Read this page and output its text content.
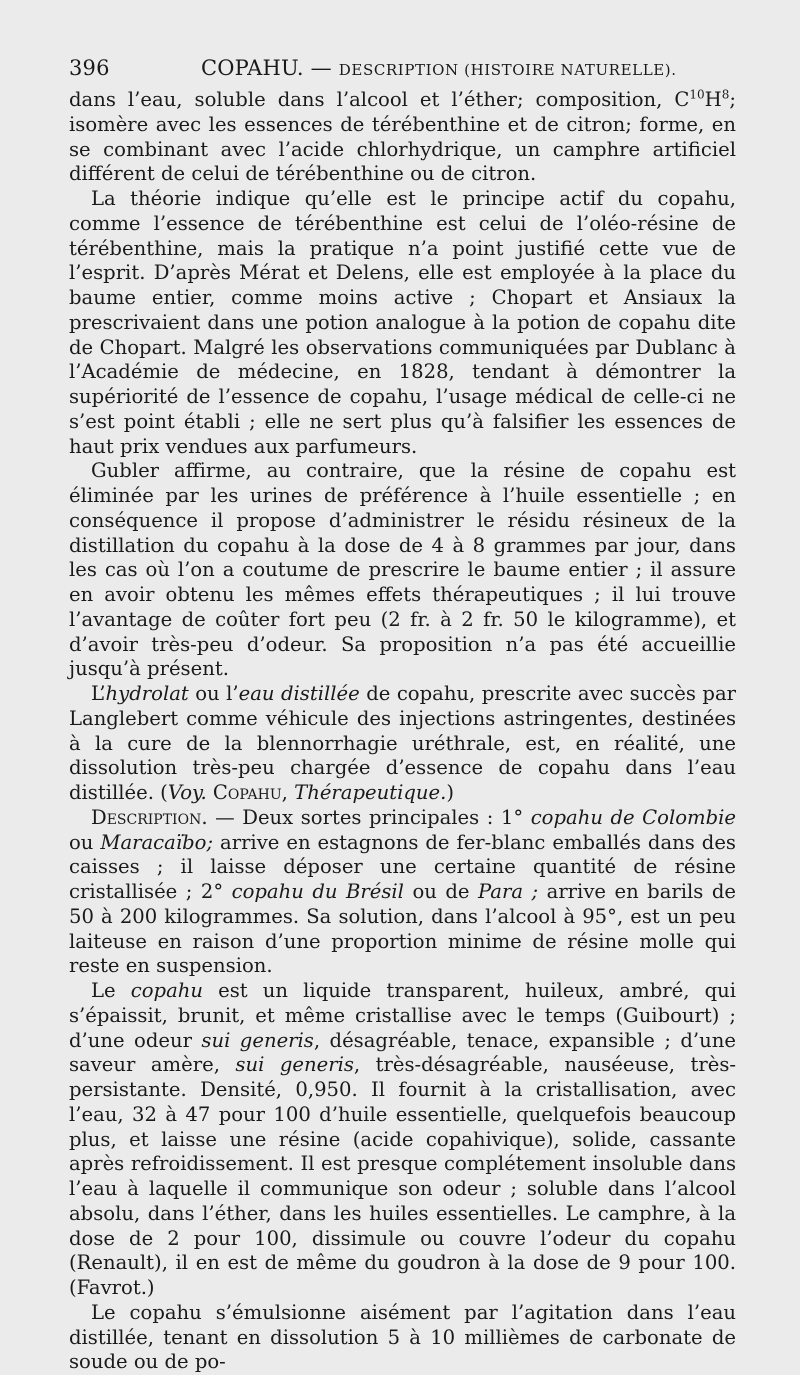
396	COPAHU. — DESCRIPTION (HISTOIRE NATURELLE).

dans l’eau, soluble dans l’alcool et l’éther; composition, $C^{10}H^8$; isomère avec les essences de térébenthine et de citron; forme, en se combinant avec l’acide chlorhydrique, un camphre artificiel différent de celui de térébenthine ou de citron.

La théorie indique qu’elle est le principe actif du copahu, comme l’essence de térébenthine est celui de l’oléo-résine de térébenthine, mais la pratique n’a point justifié cette vue de l’esprit. D’après Mérat et Delens, elle est employée à la place du baume entier, comme moins active ; Chopart et Ansiaux la prescrivaient dans une potion analogue à la potion de copahu dite de Chopart. Malgré les observations communiquées par Dublanc à l’Académie de médecine, en 1828, tendant à démontrer la supériorité de l’essence de copahu, l’usage médical de celle-ci ne s’est point établi ; elle ne sert plus qu’à falsifier les essences de haut prix vendues aux parfumeurs.

Gubler affirme, au contraire, que la résine de copahu est éliminée par les urines de préférence à l’huile essentielle ; en conséquence il propose d’administrer le résidu résineux de la distillation du copahu à la dose de 4 à 8 grammes par jour, dans les cas où l’on a coutume de prescrire le baume entier ; il assure en avoir obtenu les mêmes effets thérapeutiques ; il lui trouve l’avantage de coûter fort peu (2 fr. à 2 fr. 50 le kilogramme), et d’avoir très-peu d’odeur. Sa proposition n’a pas été accueillie jusqu’à présent.

L’hydrolat ou l’eau distillée de copahu, prescrite avec succès par Langlebert comme véhicule des injections astringentes, destinées à la cure de la blennorrhagie uréthrale, est, en réalité, une dissolution très-peu chargée d’essence de copahu dans l’eau distillée. (Voy. Copahu, Thérapeutique.)

Description. — Deux sortes principales : 1° copahu de Colombie ou Maracaïbo; arrive en estagnons de fer-blanc emballés dans des caisses ; il laisse déposer une certaine quantité de résine cristallisée ; 2° copahu du Brésil ou de Para ; arrive en barils de 50 à 200 kilogrammes. Sa solution, dans l’alcool à 95°, est un peu laiteuse en raison d’une proportion minime de résine molle qui reste en suspension.

Le copahu est un liquide transparent, huileux, ambré, qui s’épaissit, brunit, et même cristallise avec le temps (Guibourt) ; d’une odeur sui generis, désagréable, tenace, expansible ; d’une saveur amère, sui generis, très-désagréable, nauséeuse, très-persistante. Densité, 0,950. Il fournit à la cristallisation, avec l’eau, 32 à 47 pour 100 d’huile essentielle, quelquefois beaucoup plus, et laisse une résine (acide copahivique), solide, cassante après refroidissement. Il est presque complétement insoluble dans l’eau à laquelle il communique son odeur ; soluble dans l’alcool absolu, dans l’éther, dans les huiles essentielles. Le camphre, à la dose de 2 pour 100, dissimule ou couvre l’odeur du copahu (Renault), il en est de même du goudron à la dose de 9 pour 100. (Favrot.)

Le copahu s’émulsionne aisément par l’agitation dans l’eau distillée, tenant en dissolution 5 à 10 millièmes de carbonate de soude ou de po-
